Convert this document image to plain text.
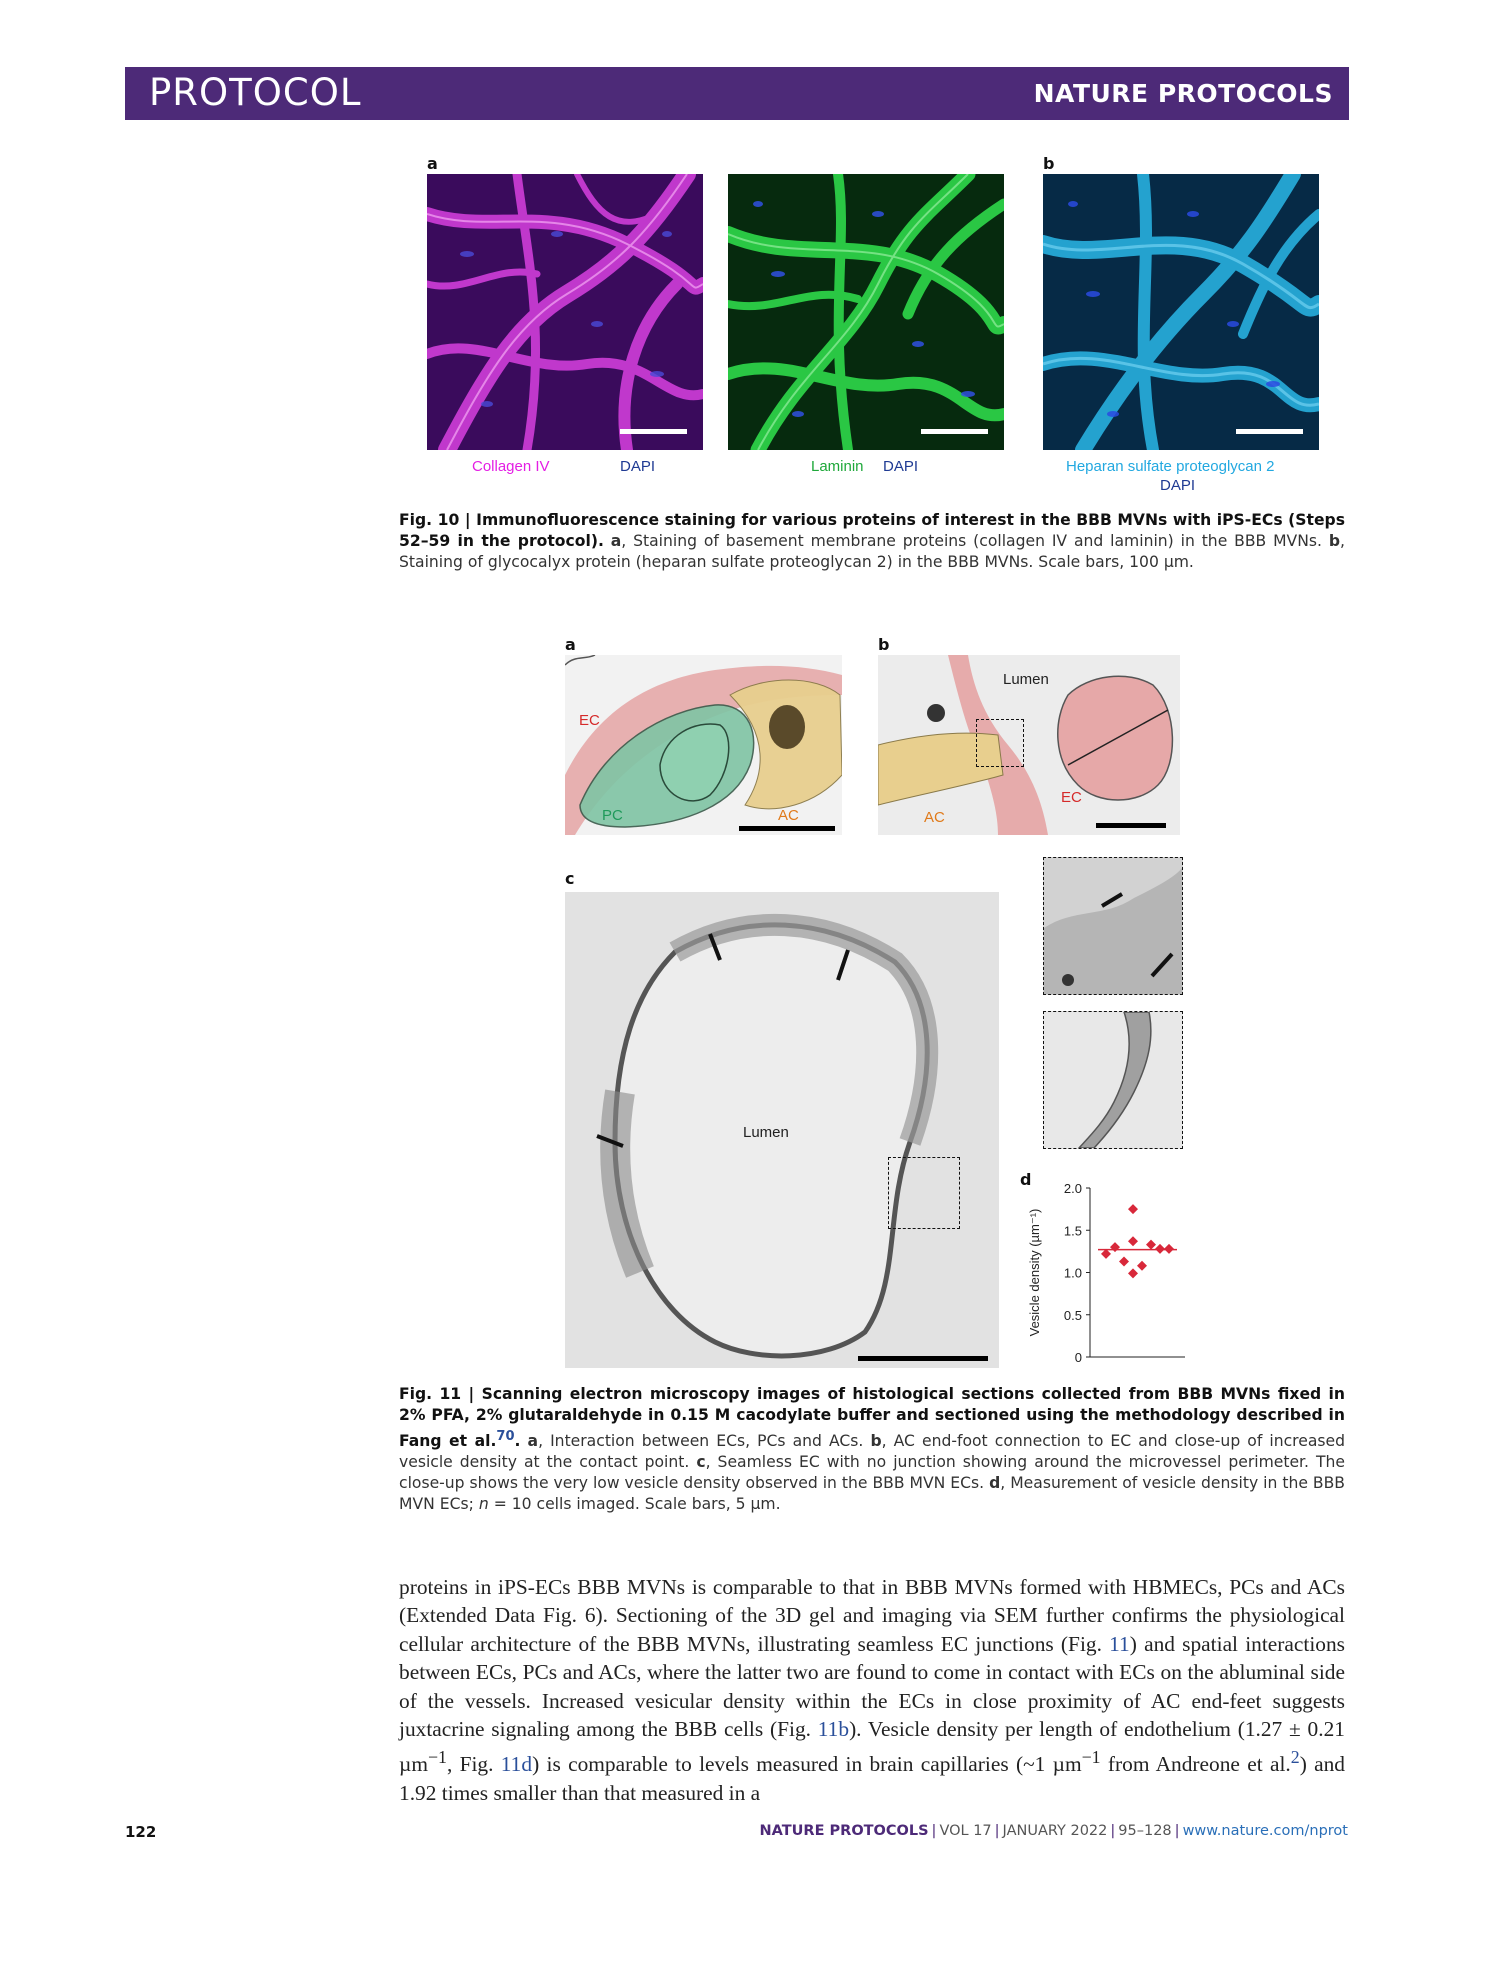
PROTOCOL	NATURE PROTOCOLS
a	b
Collagen IV	DAPI	Laminin DAPI	Heparan sulfate proteoglycan 2
DAPI
Fig. 10 | Immunofluorescence staining for various proteins of interest in the BBB MVNs with iPS-ECs (Steps 52–59 in the protocol). a, Staining of basement membrane proteins (collagen IV and laminin) in the BBB MVNs. b, Staining of glycocalyx protein (heparan sulfate proteoglycan 2) in the BBB MVNs. Scale bars, 100 µm.
a	b
c
d
EC
PC	AC
Lumen
EC
AC
Lumen
0
0.5
1.0
1.5
2.0
Vesicle density (µm⁻¹)
Fig. 11 | Scanning electron microscopy images of histological sections collected from BBB MVNs fixed in 2% PFA, 2% glutaraldehyde in 0.15 M cacodylate buffer and sectioned using the methodology described in Fang et al.$^{70}$. a, Interaction between ECs, PCs and ACs. b, AC end-foot connection to EC and close-up of increased vesicle density at the contact point. c, Seamless EC with no junction showing around the microvessel perimeter. The close-up shows the very low vesicle density observed in the BBB MVN ECs. d, Measurement of vesicle density in the BBB MVN ECs; n = 10 cells imaged. Scale bars, 5 µm.
proteins in iPS-ECs BBB MVNs is comparable to that in BBB MVNs formed with HBMECs, PCs and ACs (Extended Data Fig. 6). Sectioning of the 3D gel and imaging via SEM further confirms the physiological cellular architecture of the BBB MVNs, illustrating seamless EC junctions (Fig. 11) and spatial interactions between ECs, PCs and ACs, where the latter two are found to come in contact with ECs on the abluminal side of the vessels. Increased vesicular density within the ECs in close proximity of AC end-feet suggests juxtacrine signaling among the BBB cells (Fig. 11b). Vesicle density per length of endothelium (1.27 ± 0.21 µm$^{-1}$, Fig. 11d) is comparable to levels measured in brain capillaries (~1 µm$^{-1}$ from Andreone et al.$^2$) and 1.92 times smaller than that measured in a
122	NATURE PROTOCOLS | VOL 17 | JANUARY 2022 | 95–128 | www.nature.com/nprot
